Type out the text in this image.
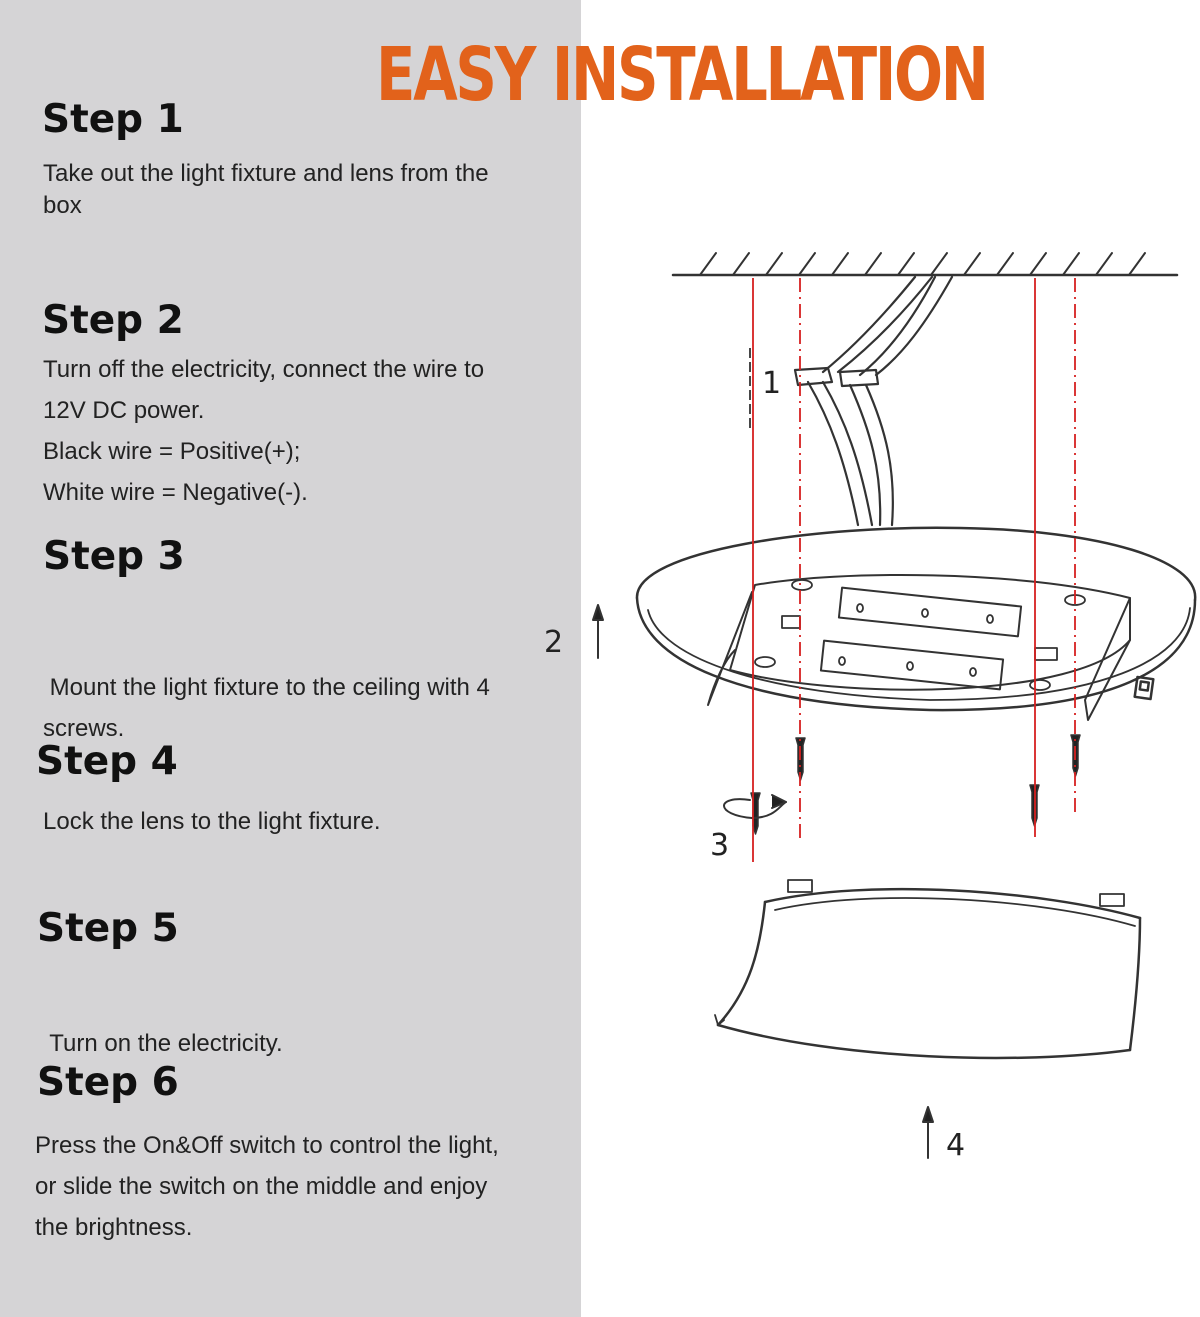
Step 1

Take out the light fixture and lens from the
box

Step 2

Turn off the electricity, connect the wire to
12V DC power.
Black wire = Positive(+);
White wire = Negative(-).

Step 3

Mount the light fixture to the ceiling with 4
screws.

Step 4

Lock the lens to the light fixture.

Step 5

Turn on the electricity.

Step 6

Press the On&Off switch to control the light,
or slide the switch on the middle and enjoy
the brightness.

EASY INSTALLATION
1
2
3
4
